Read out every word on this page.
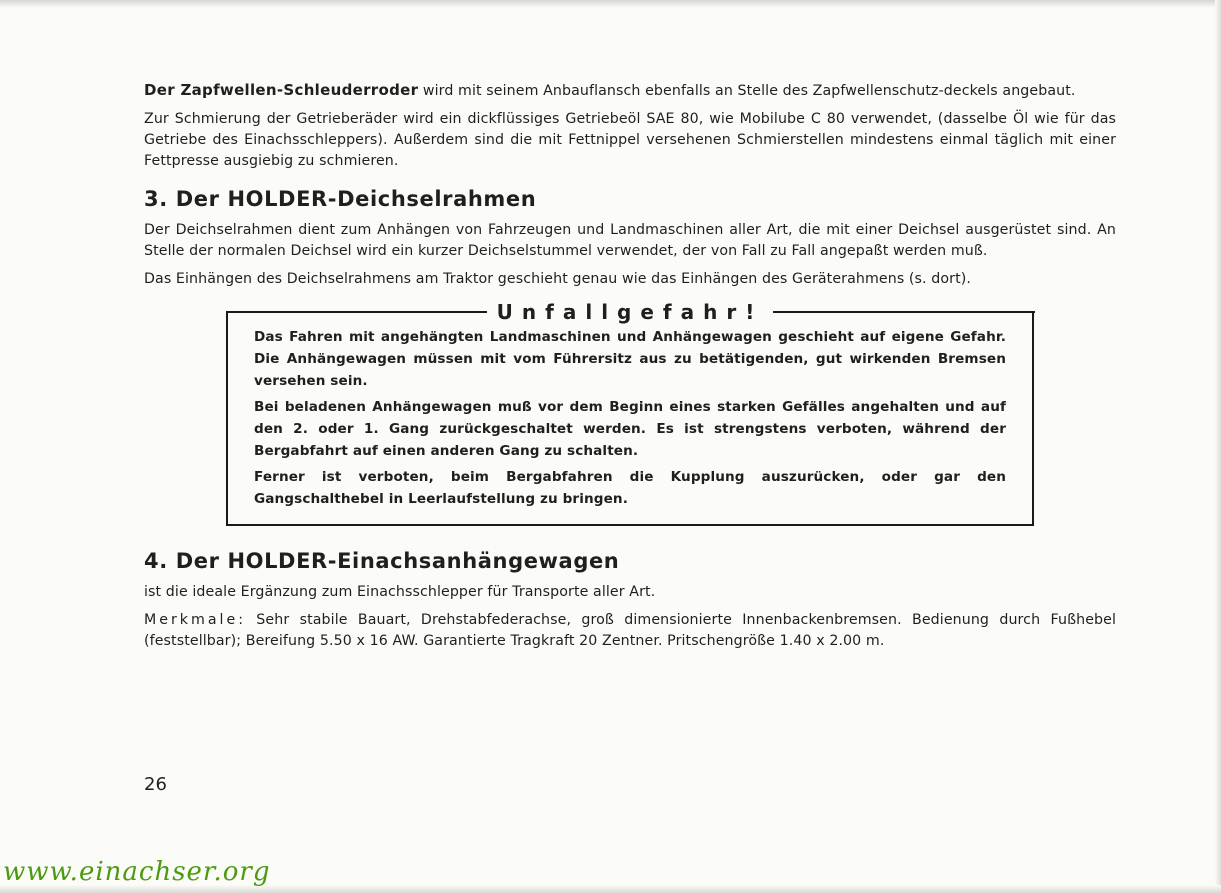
Der Zapfwellen-Schleuderroder wird mit seinem Anbauflansch ebenfalls an Stelle des Zapfwellenschutz-deckels angebaut.

Zur Schmierung der Getrieberäder wird ein dickflüssiges Getriebeöl SAE 80, wie Mobilube C 80 verwendet, (dasselbe Öl wie für das Getriebe des Einachsschleppers). Außerdem sind die mit Fettnippel versehenen Schmierstellen mindestens einmal täglich mit einer Fettpresse ausgiebig zu schmieren.

3. Der HOLDER-Deichselrahmen

Der Deichselrahmen dient zum Anhängen von Fahrzeugen und Landmaschinen aller Art, die mit einer Deichsel ausgerüstet sind. An Stelle der normalen Deichsel wird ein kurzer Deichselstummel verwendet, der von Fall zu Fall angepaßt werden muß.

Das Einhängen des Deichselrahmens am Traktor geschieht genau wie das Einhängen des Geräterahmens (s. dort).

Unfallgefahr!

Das Fahren mit angehängten Landmaschinen und Anhängewagen geschieht auf eigene Gefahr. Die Anhängewagen müssen mit vom Führersitz aus zu betätigenden, gut wirkenden Bremsen versehen sein.

Bei beladenen Anhängewagen muß vor dem Beginn eines starken Gefälles angehalten und auf den 2. oder 1. Gang zurückgeschaltet werden. Es ist strengstens verboten, während der Bergabfahrt auf einen anderen Gang zu schalten.

Ferner ist verboten, beim Bergabfahren die Kupplung auszurücken, oder gar den Gangschalthebel in Leerlaufstellung zu bringen.

4. Der HOLDER-Einachsanhängewagen

ist die ideale Ergänzung zum Einachsschlepper für Transporte aller Art.

Merkmale: Sehr stabile Bauart, Drehstabfederachse, groß dimensionierte Innenbackenbremsen. Bedienung durch Fußhebel (feststellbar); Bereifung 5.50 x 16 AW. Garantierte Tragkraft 20 Zentner. Pritschengröße 1.40 x 2.00 m.

26
www.einachser.org
